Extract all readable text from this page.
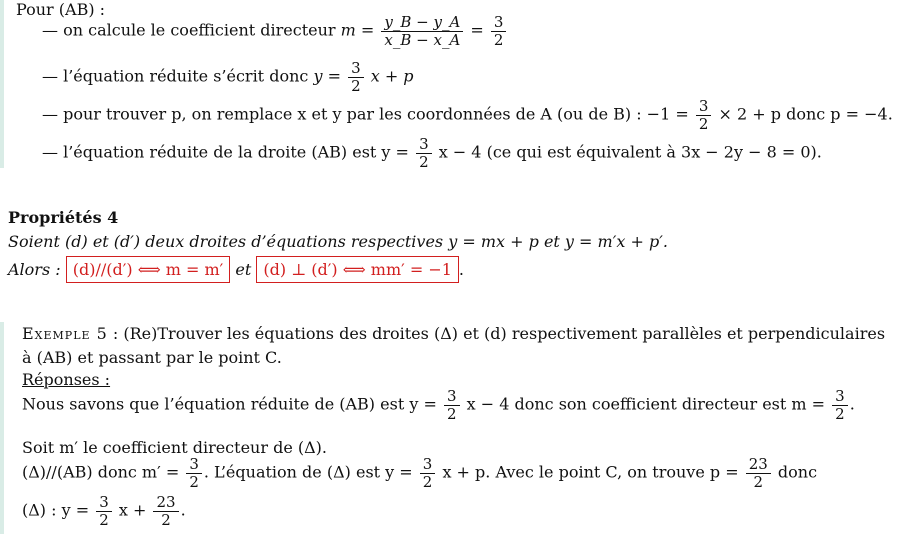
Pour (AB) :
— on calcule le coefficient directeur $m = \frac{y\_B - y\_A}{x\_B - x\_A} = \frac{3}{2}$
— l’équation réduite s’écrit donc $y = \frac{3}{2}$ x + p
— pour trouver p, on remplace x et y par les coordonnées de A (ou de B) : $-1 = \frac{3}{2} \times 2 + p$ donc p = −4.
— l’équation réduite de la droite (AB) est $y = \frac{3}{2}$ x − 4 (ce qui est équivalent à 3x − 2y − 8 = 0).
Propriétés 4
Soient (d) et (d′) deux droites d’équations respectives y = mx + p et y = m′x + p′.
Alors : (d)//(d′) ⟺ m = m′ et (d) ⊥ (d′) ⟺ mm′ = −1 .
Exemple 5 : (Re)Trouver les équations des droites (Δ) et (d) respectivement parallèles et perpendiculaires
à (AB) et passant par le point C.
Réponses :
Nous savons que l’équation réduite de (AB) est $y = \frac{3}{2}$ x − 4 donc son coefficient directeur est $m = \frac{3}{2}$ .
Soit m′ le coefficient directeur de (Δ).
(Δ)//(AB) donc $m' = \frac{3}{2}$ . L’équation de (Δ) est $y = \frac{3}{2}$ x + p. Avec le point C, on trouve $p = \frac{23}{2}$ donc
(Δ) : $y = \frac{3}{2}$ $x + \frac{23}{2}$ .
